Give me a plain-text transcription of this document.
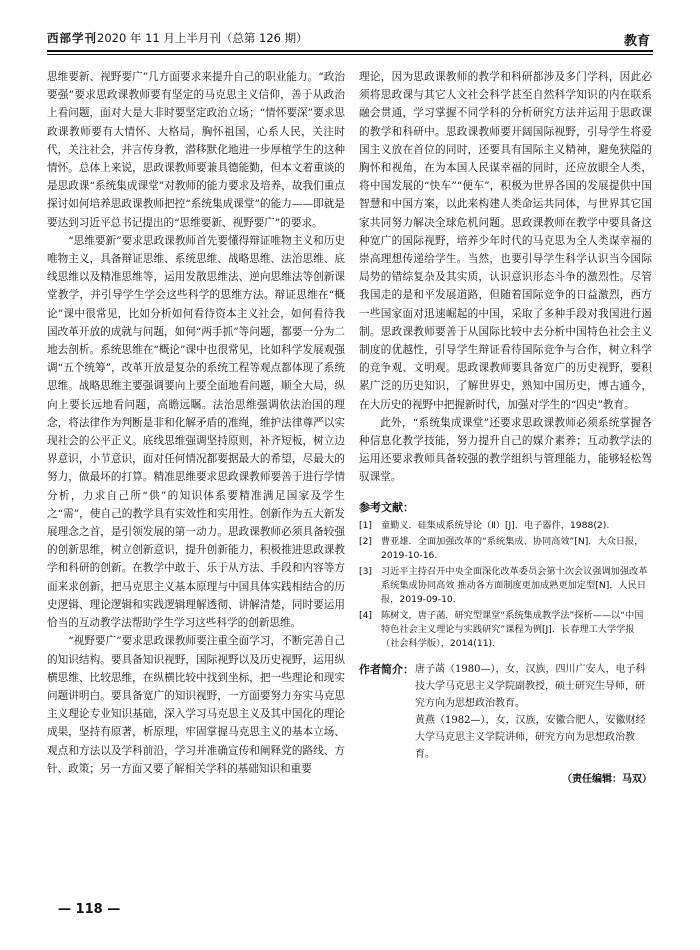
西部学刊2020 年 11 月上半月刊（总第 126 期）	教育

思维要新、视野要广”几方面要求来提升自己的职业能力。“政治要强”要求思政课教师要有坚定的马克思主义信仰，善于从政治上看问题，面对大是大非时要坚定政治立场；“情怀要深”要求思政课教师要有大情怀、大格局，胸怀祖国，心系人民，关注时代，关注社会，并言传身教，潜移默化地进一步厚植学生的这种情怀。总体上来说，思政课教师要兼具德能勤，但本文着重谈的是思政课“系统集成课堂”对教师的能力要求及培养，故我们重点探讨如何培养思政课教师把控“系统集成课堂”的能力——即就是要达到习近平总书记提出的“思维要新、视野要广”的要求。

“思维要新”要求思政课教师首先要懂得辩证唯物主义和历史唯物主义，具备辩证思维、系统思维、战略思维、法治思维、底线思维以及精准思维等，运用发散思维法、逆向思维法等创新课堂教学，并引导学生学会这些科学的思维方法。辩证思维在“概论”课中很常见，比如分析如何看待资本主义社会，如何看待我国改革开放的成就与问题，如何“两手抓”等问题，都要一分为二地去剖析。系统思维在“概论”课中也很常见，比如科学发展观强调“五个统筹”，改革开放是复杂的系统工程等观点都体现了系统思维。战略思维主要强调要向上要全面地看问题，顺全大局，纵向上要长远地看问题，高瞻远瞩。法治思维强调依法治国的理念，将法律作为判断是非和化解矛盾的准绳，维护法律尊严以实现社会的公平正义。底线思维强调坚持原则，补齐短板，树立边界意识，小节意识，面对任何情况都要据最大的希望，尽最大的努力，做最坏的打算。精准思维要求思政课教师要善于进行学情分析，力求自己所“供”的知识体系要精准满足国家及学生之“需”，使自己的教学具有实效性和实用性。创新作为五大新发展理念之首，是引领发展的第一动力。思政课教师必须具备较强的创新思维，树立创新意识，提升创新能力，积极推进思政课教学和科研的创新。在教学中敢于、乐于从方法、手段和内容等方面来求创新，把马克思主义基本原理与中国具体实践相结合的历史逻辑、理论逻辑和实践逻辑理解透彻、讲解清楚，同时要运用恰当的互动教学法帮助学生学习这些科学的创新思维。

“视野要广”要求思政课教师要注重全面学习，不断完善自己的知识结构。要具备知识视野，国际视野以及历史视野，运用纵横思维、比较思维，在纵横比较中找到坐标，把一些理论和现实问题讲明白。要具备宽广的知识视野，一方面要努力夯实马克思主义理论专业知识基础，深入学习马克思主义及其中国化的理论成果，坚持有原著，析原理，牢固掌握马克思主义的基本立场、观点和方法以及学科前沿，学习并准确宣传和阐释党的路线、方针、政策；另一方面又要了解相关学科的基础知识和重要

理论，因为思政课教师的教学和科研都涉及多门学科，因此必须将思政课与其它人文社会科学甚至自然科学知识的内在联系融会贯通，学习掌握不同学科的分析研究方法并运用于思政课的教学和科研中。思政课教师要开阔国际视野，引导学生将爱国主义放在首位的同时，还要具有国际主义精神，避免狭隘的胸怀和视角，在为本国人民谋幸福的同时，还应放眼全人类，将中国发展的“快车”“便车”，积极为世界各国的发展提供中国智慧和中国方案，以此来构建人类命运共同体，与世界其它国家共同努力解决全球危机问题。思政课教师在教学中要具备这种宽广的国际视野，培养少年时代的马克思为全人类谋幸福的崇高理想传递给学生。当然，也要引导学生科学认识当今国际局势的错综复杂及其实质，认识意识形态斗争的激烈性。尽管我国走的是和平发展道路，但随着国际竞争的日益激烈，西方一些国家面对迅速崛起的中国，采取了多种手段对我国进行遏制。思政课教师要善于从国际比较中去分析中国特色社会主义制度的优越性，引导学生辩证看待国际竞争与合作，树立科学的竞争观、文明观。思政课教师要具备宽广的历史视野，要积累广泛的历史知识，了解世界史，熟知中国历史，博古通今，在大历史的视野中把握新时代，加强对学生的“四史”教育。

此外，“系统集成课堂”还要求思政课教师必须系统掌握各种信息化教学技能，努力提升自己的媒介素养；互动教学法的运用还要求教师具备较强的教学组织与管理能力，能够轻松驾驭课堂。

参考文献：

[1] 童勤义．硅集成系统导论（Ⅱ）[J]．电子器件，1988(2).
[2] 曹亚雄．全面加强改革的“系统集成、协同高效”[N]．大众日报，2019-10-16.
[3] 习近平主持召开中央全面深化改革委员会第十次会议强调加强改革系统集成协同高效 推动各方面制度更加成熟更加定型[N]．人民日报，2019-09-10.
[4] 陈树文，唐子菡．研究型课堂“系统集成教学法”探析——以“中国特色社会主义理论与实践研究”课程为例[J]．长春理工大学学报（社会科学版），2014(11).
作者简介： 唐子菡（1980—），女，汉族，四川广安人，电子科技大学马克思主义学院副教授，硕士研究生导师，研究方向为思想政治教育。

黄燕（1982—），女，汉族，安徽合肥人，安徽财经大学马克思主义学院讲师，研究方向为思想政治教育。

（责任编辑：马双）
— 118 —
